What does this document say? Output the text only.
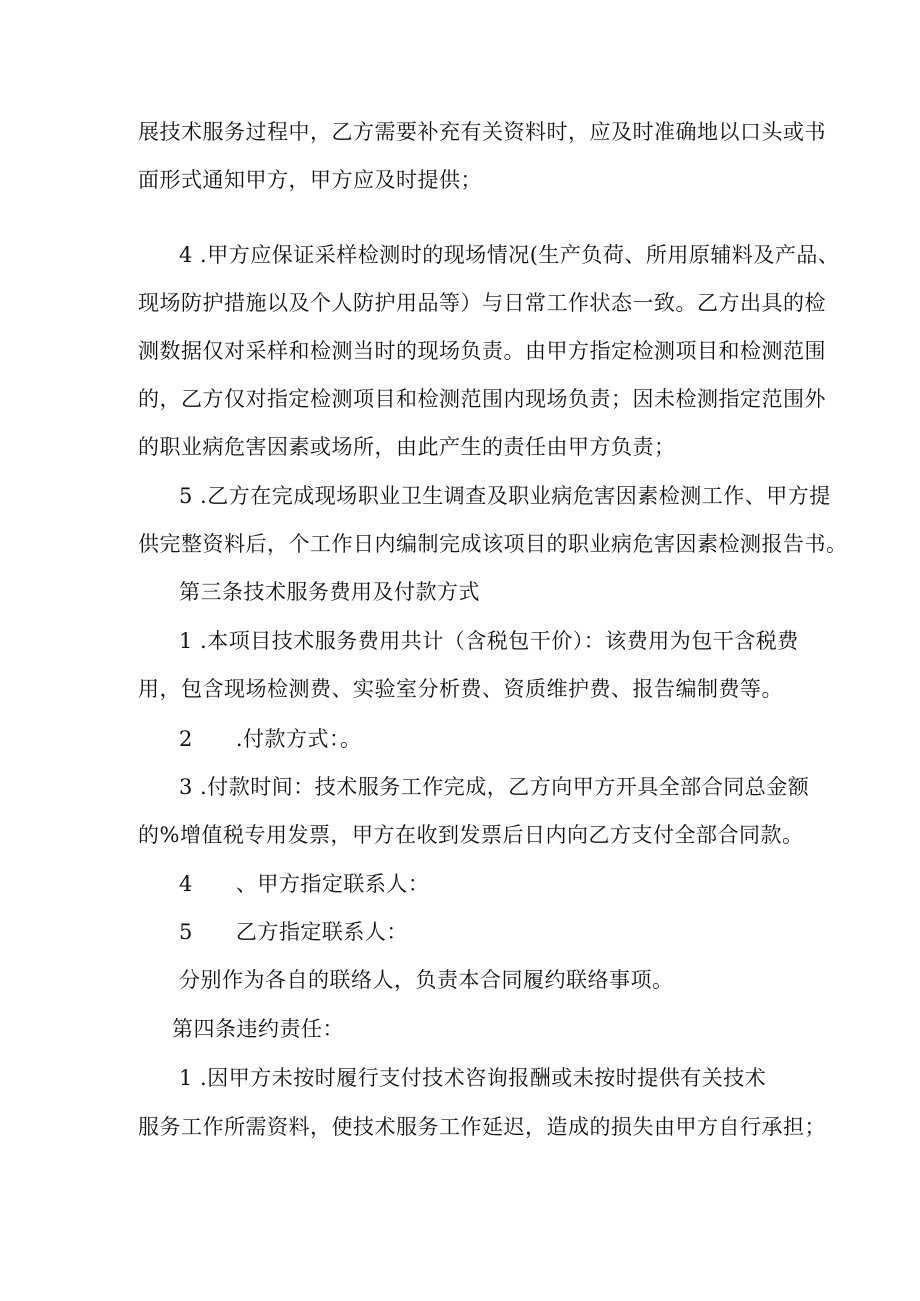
展技术服务过程中，乙方需要补充有关资料时，应及时准确地以口头或书
面形式通知甲方，甲方应及时提供；
4 .甲方应保证采样检测时的现场情况(生产负荷、所用原辅料及产品、
现场防护措施以及个人防护用品等）与日常工作状态一致。乙方出具的检
测数据仅对采样和检测当时的现场负责。由甲方指定检测项目和检测范围
的，乙方仅对指定检测项目和检测范围内现场负责；因未检测指定范围外
的职业病危害因素或场所，由此产生的责任由甲方负责；
5 .乙方在完成现场职业卫生调查及职业病危害因素检测工作、甲方提
供完整资料后，个工作日内编制完成该项目的职业病危害因素检测报告书。
第三条技术服务费用及付款方式
1 .本项目技术服务费用共计（含税包干价）：该费用为包干含税费
用，包含现场检测费、实验室分析费、资质维护费、报告编制费等。
2　　.付款方式：。
3 .付款时间：技术服务工作完成，乙方向甲方开具全部合同总金额
的%增值税专用发票，甲方在收到发票后日内向乙方支付全部合同款。
4　　、甲方指定联系人：
5　　乙方指定联系人：
分别作为各自的联络人，负责本合同履约联络事项。
第四条违约责任：
1 .因甲方未按时履行支付技术咨询报酬或未按时提供有关技术
服务工作所需资料，使技术服务工作延迟，造成的损失由甲方自行承担；
